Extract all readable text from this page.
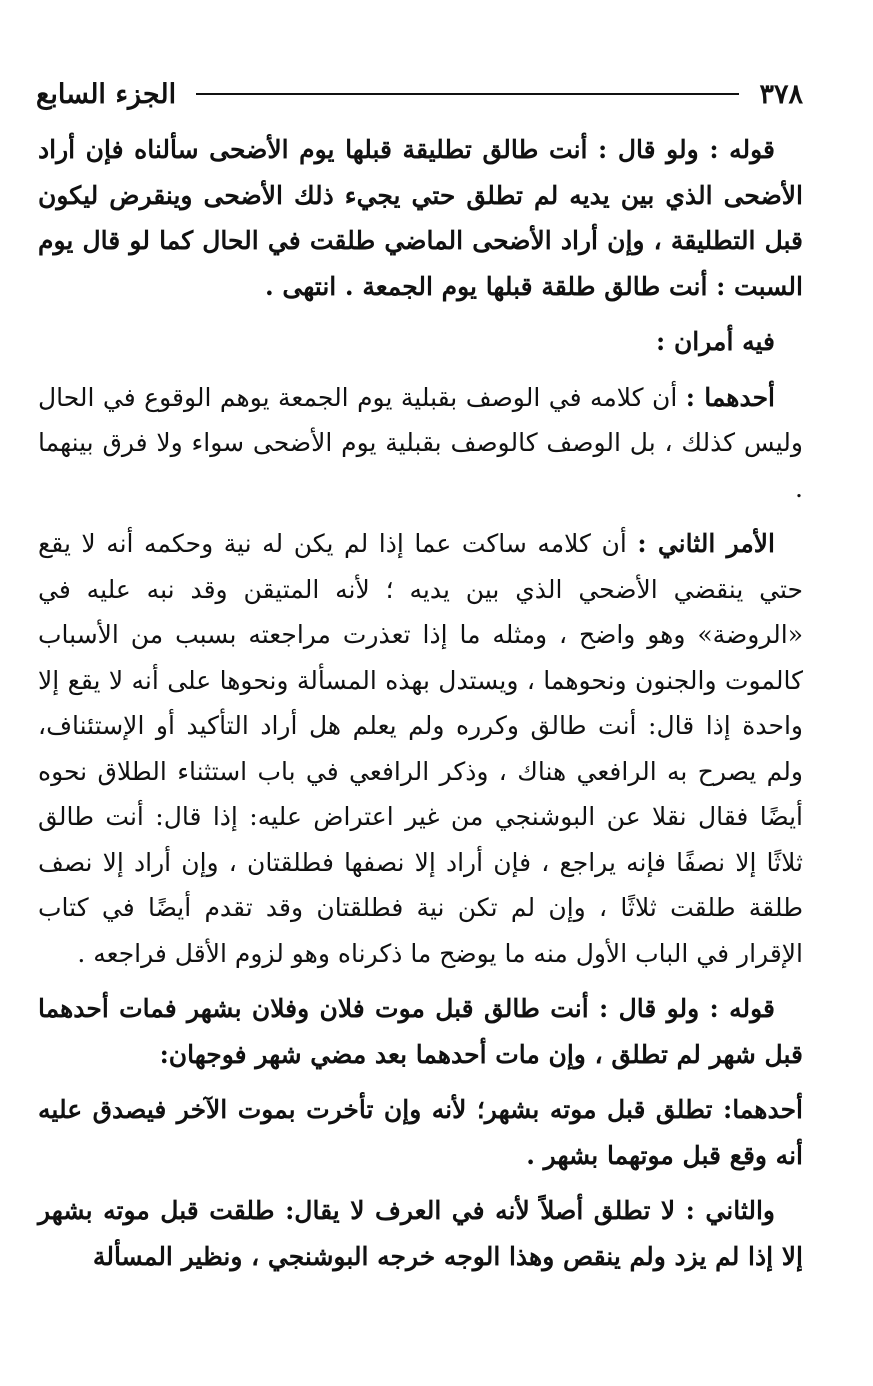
٣٧٨
الجزء السابع

قوله : ولو قال : أنت طالق تطليقة قبلها يوم الأضحى سألناه فإن أراد الأضحى الذي بين يديه لم تطلق حتي يجيء ذلك الأضحى وينقرض ليكون قبل التطليقة ، وإن أراد الأضحى الماضي طلقت في الحال كما لو قال يوم السبت : أنت طالق طلقة قبلها يوم الجمعة . انتهى .

فيه أمران :

أحدهما : أن كلامه في الوصف بقبلية يوم الجمعة يوهم الوقوع في الحال وليس كذلك ، بل الوصف كالوصف بقبلية يوم الأضحى سواء ولا فرق بينهما .

الأمر الثاني : أن كلامه ساكت عما إذا لم يكن له نية وحكمه أنه لا يقع حتي ينقضي الأضحي الذي بين يديه ؛ لأنه المتيقن وقد نبه عليه في «الروضة» وهو واضح ، ومثله ما إذا تعذرت مراجعته بسبب من الأسباب كالموت والجنون ونحوهما ، ويستدل بهذه المسألة ونحوها على أنه لا يقع إلا واحدة إذا قال: أنت طالق وكرره ولم يعلم هل أراد التأكيد أو الإستئناف، ولم يصرح به الرافعي هناك ، وذكر الرافعي في باب استثناء الطلاق نحوه أيضًا فقال نقلا عن البوشنجي من غير اعتراض عليه: إذا قال: أنت طالق ثلاثًا إلا نصفًا فإنه يراجع ، فإن أراد إلا نصفها فطلقتان ، وإن أراد إلا نصف طلقة طلقت ثلاثًا ، وإن لم تكن نية فطلقتان وقد تقدم أيضًا في كتاب الإقرار في الباب الأول منه ما يوضح ما ذكرناه وهو لزوم الأقل فراجعه .

قوله : ولو قال : أنت طالق قبل موت فلان وفلان بشهر فمات أحدهما قبل شهر لم تطلق ، وإن مات أحدهما بعد مضي شهر فوجهان:

أحدهما: تطلق قبل موته بشهر؛ لأنه وإن تأخرت بموت الآخر فيصدق عليه أنه وقع قبل موتهما بشهر .

والثاني : لا تطلق أصلاً لأنه في العرف لا يقال: طلقت قبل موته بشهر إلا إذا لم يزد ولم ينقص وهذا الوجه خرجه البوشنجي ، ونظير المسألة
